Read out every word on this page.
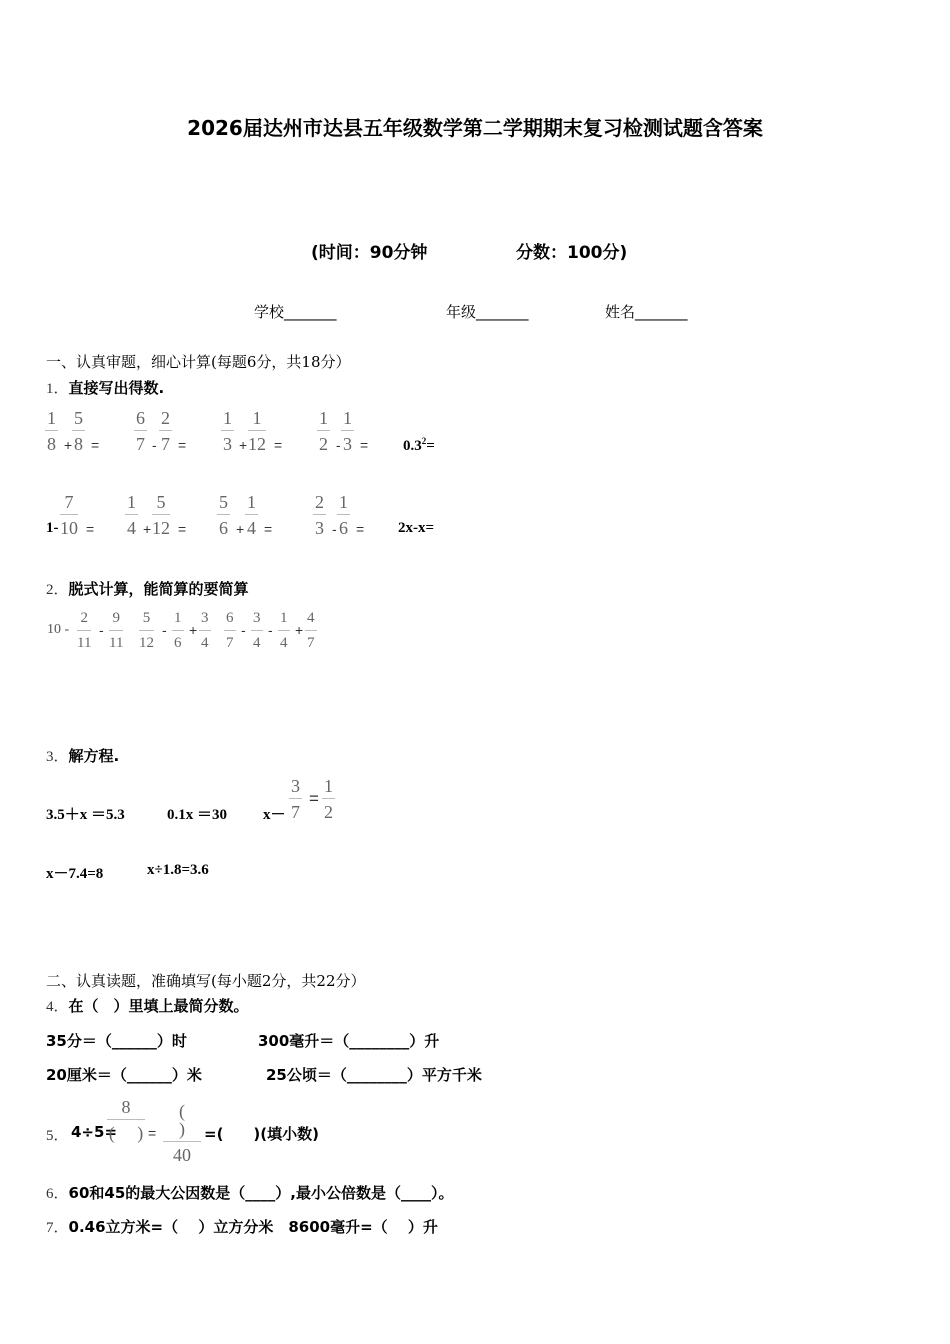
2026届达州市达县五年级数学第二学期期末复习检测试题含答案
(时间：90分钟	分数：100分)
学校_______	年级_______	姓名_______
一、认真审题，细心计算(每题6分，共18分）
1．直接写出得数.
$\frac{1}{8} + \frac{5}{8} = \frac{6}{7} - \frac{2}{7} = \frac{1}{3} + \frac{1}{12} = \frac{1}{2} - \frac{1}{3} = 0.3^2=$
$1- \frac{7}{10} = \frac{1}{4} + \frac{5}{12} = \frac{5}{6} + \frac{1}{4} = \frac{2}{3} - \frac{1}{6} = 2x-x=$
2．脱式计算，能简算的要简算
$10 - \frac{2}{11} - \frac{9}{11} \frac{5}{12} - \frac{1}{6} + \frac{3}{4} \frac{6}{7} - \frac{3}{4} - \frac{1}{4} + \frac{4}{7}$
3．解方程.
3.5＋x ＝5.3	0.1x ＝30 $x- \frac{3}{7} = \frac{1}{2}$
x－7.4=8	x÷1.8=3.6
二、认真读题，准确填写(每小题2分，共22分）
4．在（　）里填上最简分数。
35分＝（______）时	300毫升＝（________）升
20厘米＝（______）米	25公顷＝（________）平方千米
5． 4÷5=
8
(　 ) =
(　 )
40
=(　　)(填小数)
6．60和45的最大公因数是（____）,最小公倍数是（____）。
7．0.46立方米=（　 ）立方分米　8600毫升=（　 ）升
